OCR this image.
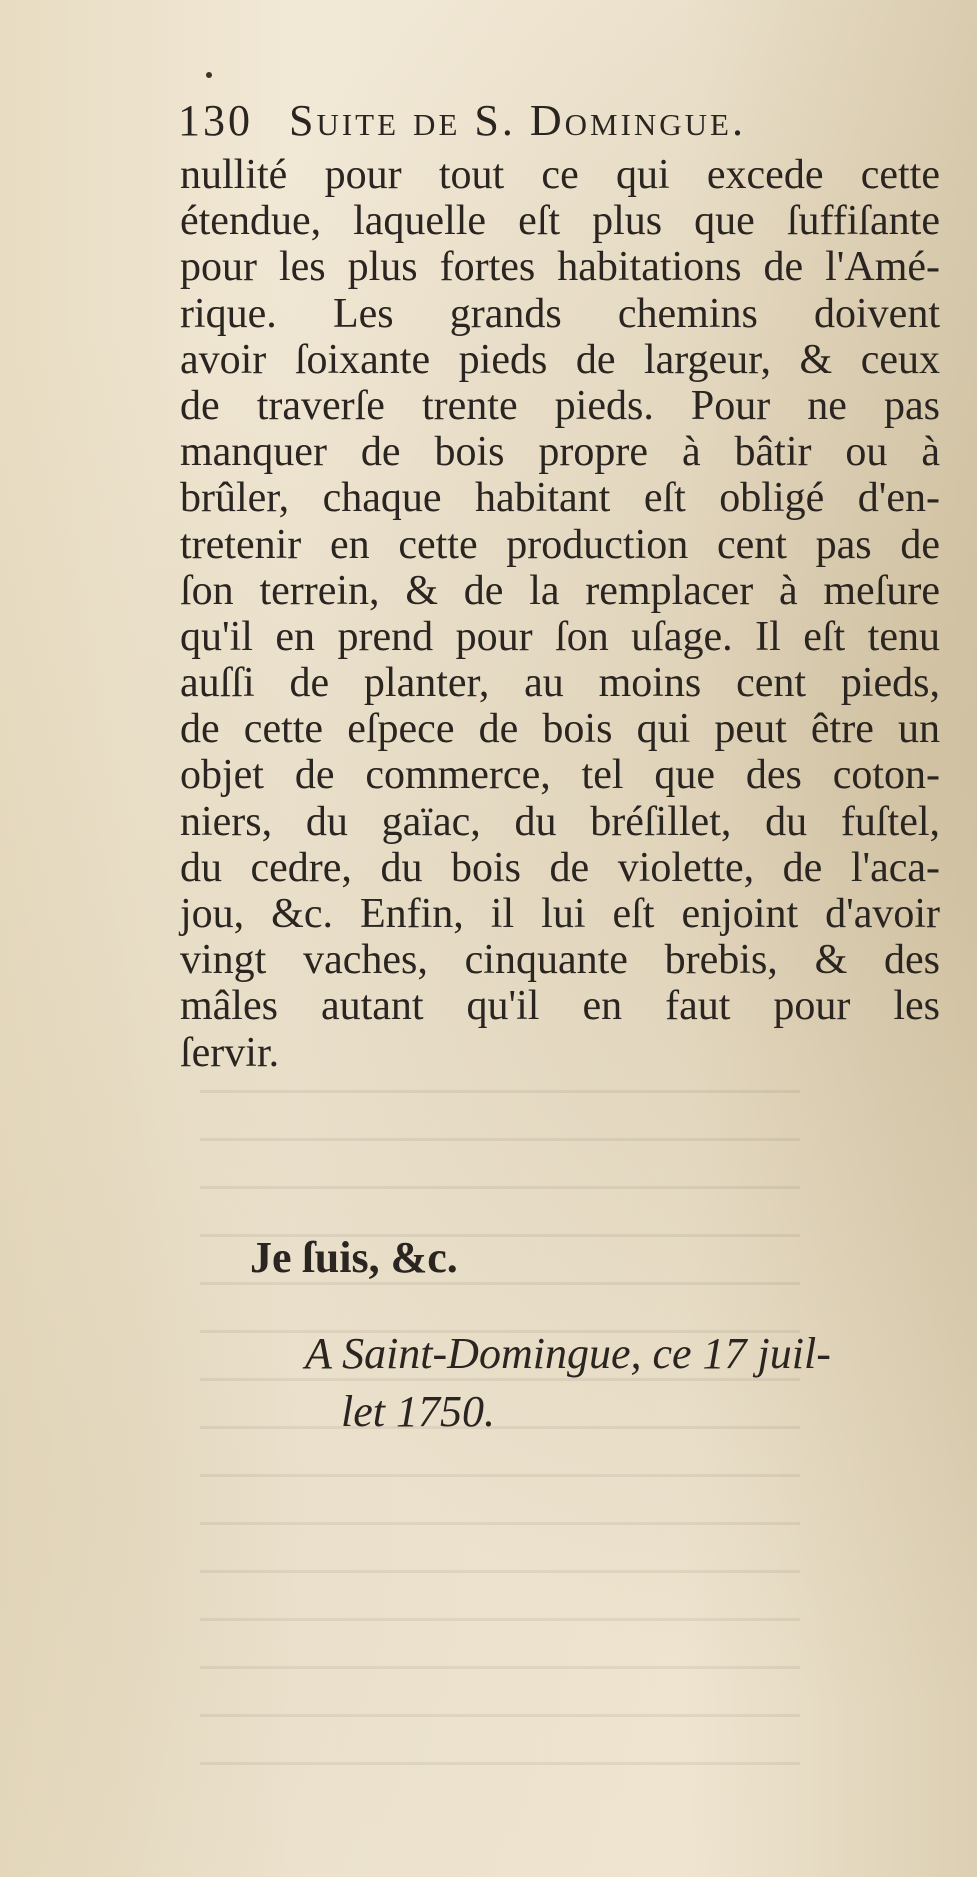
130 Suite de S. Domingue.
nullité pour tout ce qui excede cette
étendue, laquelle eſt plus que ſuffiſante
pour les plus fortes habitations de l'Amé-
rique. Les grands chemins doivent
avoir ſoixante pieds de largeur, & ceux
de traverſe trente pieds. Pour ne pas
manquer de bois propre à bâtir ou à
brûler, chaque habitant eſt obligé d'en-
tretenir en cette production cent pas de
ſon terrein, & de la remplacer à meſure
qu'il en prend pour ſon uſage. Il eſt tenu
auſſi de planter, au moins cent pieds,
de cette eſpece de bois qui peut être un
objet de commerce, tel que des coton-
niers, du gaïac, du bréſillet, du fuſtel,
du cedre, du bois de violette, de l'aca-
jou, &c. Enfin, il lui eſt enjoint d'avoir
vingt vaches, cinquante brebis, & des
mâles autant qu'il en faut pour les
ſervir.
Je ſuis, &c.
A Saint-Domingue, ce 17 juil-
let 1750.
